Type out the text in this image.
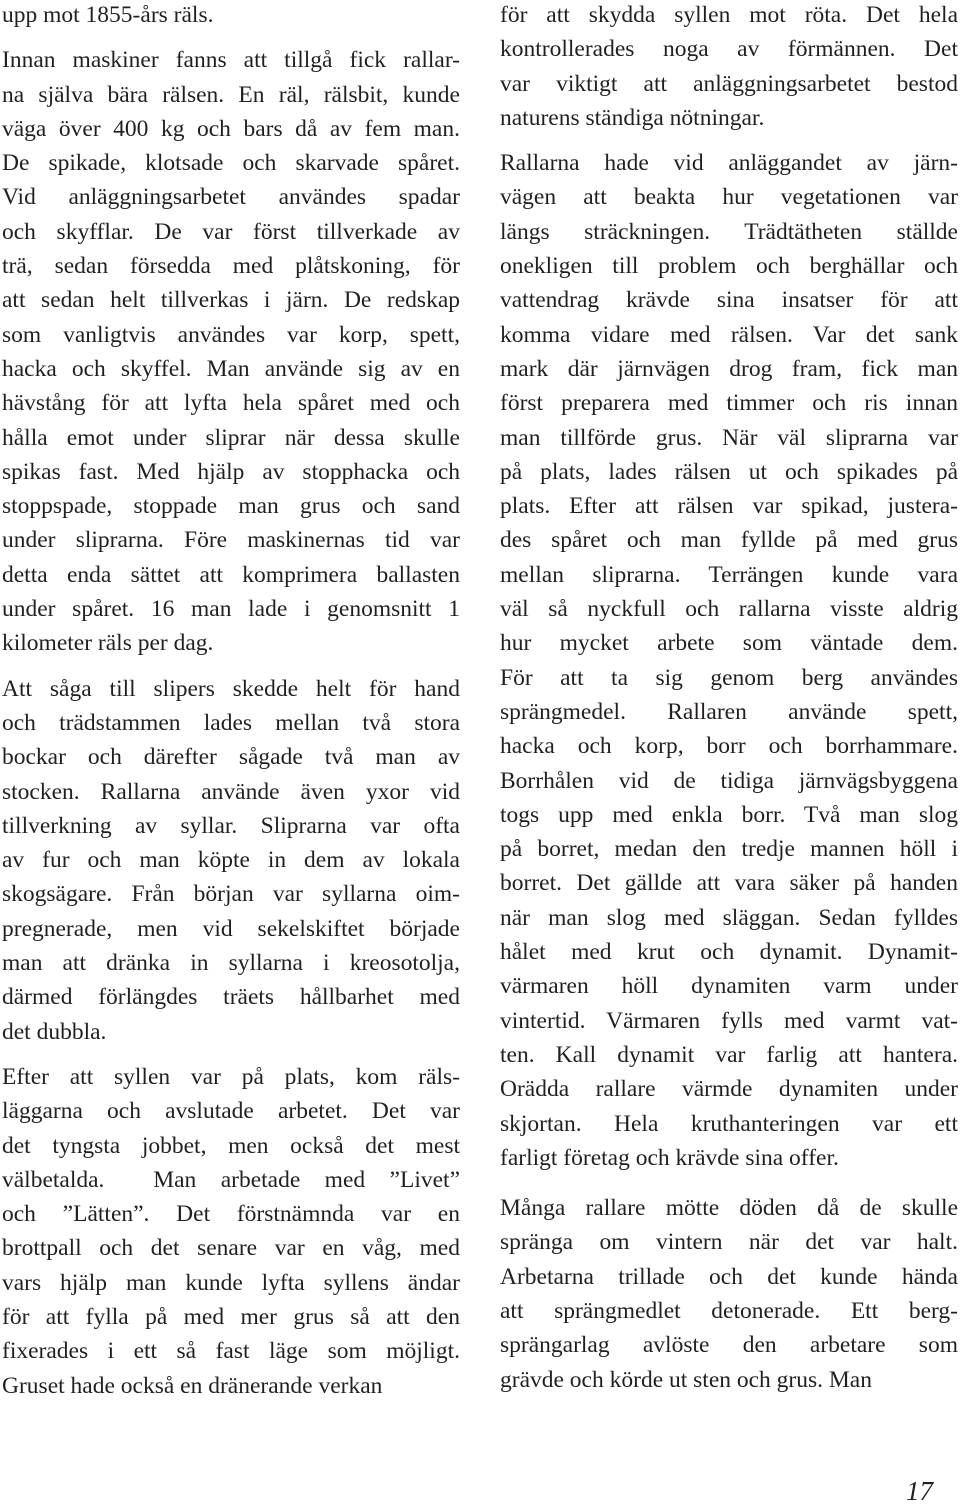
upp mot 1855-års räls.
Innan maskiner fanns att tillgå fick rallar-
na själva bära rälsen. En räl, rälsbit, kunde
väga över 400 kg och bars då av fem man.
De spikade, klotsade och skarvade spåret.
Vid anläggningsarbetet användes spadar
och skyfflar. De var först tillverkade av
trä, sedan försedda med plåtskoning, för
att sedan helt tillverkas i järn. De redskap
som vanligtvis användes var korp, spett,
hacka och skyffel. Man använde sig av en
hävstång för att lyfta hela spåret med och
hålla emot under sliprar när dessa skulle
spikas fast. Med hjälp av stopphacka och
stoppspade, stoppade man grus och sand
under sliprarna. Före maskinernas tid var
detta enda sättet att komprimera ballasten
under spåret. 16 man lade i genomsnitt 1
kilometer räls per dag.
Att såga till slipers skedde helt för hand
och trädstammen lades mellan två stora
bockar och därefter sågade två man av
stocken. Rallarna använde även yxor vid
tillverkning av syllar. Sliprarna var ofta
av fur och man köpte in dem av lokala
skogsägare. Från början var syllarna oim-
pregnerade, men vid sekelskiftet började
man att dränka in syllarna i kreosotolja,
därmed förlängdes träets hållbarhet med
det dubbla.
Efter att syllen var på plats, kom räls-
läggarna och avslutade arbetet. Det var
det tyngsta jobbet, men också det mest
välbetalda.  Man arbetade med ”Livet”
och ”Lätten”. Det förstnämnda var en
brottpall och det senare var en våg, med
vars hjälp man kunde lyfta syllens ändar
för att fylla på med mer grus så att den
fixerades i ett så fast läge som möjligt.
Gruset hade också en dränerande verkan
för att skydda syllen mot röta. Det hela
kontrollerades noga av förmännen. Det
var viktigt att anläggningsarbetet bestod
naturens ständiga nötningar.
Rallarna hade vid anläggandet av järn-
vägen att beakta hur vegetationen var
längs sträckningen. Trädtätheten ställde
onekligen till problem och berghällar och
vattendrag krävde sina insatser för att
komma vidare med rälsen. Var det sank
mark där järnvägen drog fram, fick man
först preparera med timmer och ris innan
man tillförde grus. När väl sliprarna var
på plats, lades rälsen ut och spikades på
plats. Efter att rälsen var spikad, justera-
des spåret och man fyllde på med grus
mellan sliprarna. Terrängen kunde vara
väl så nyckfull och rallarna visste aldrig
hur mycket arbete som väntade dem.
För att ta sig genom berg användes
sprängmedel. Rallaren använde spett,
hacka och korp, borr och borrhammare.
Borrhålen vid de tidiga järnvägsbyggena
togs upp med enkla borr. Två man slog
på borret, medan den tredje mannen höll i
borret. Det gällde att vara säker på handen
när man slog med släggan. Sedan fylldes
hålet med krut och dynamit. Dynamit-
värmaren höll dynamiten varm under
vintertid. Värmaren fylls med varmt vat-
ten. Kall dynamit var farlig att hantera.
Orädda rallare värmde dynamiten under
skjortan. Hela kruthanteringen var ett
farligt företag och krävde sina offer.
Många rallare mötte döden då de skulle
spränga om vintern när det var halt.
Arbetarna trillade och det kunde hända
att sprängmedlet detonerade. Ett berg-
sprängarlag avlöste den arbetare som
grävde och körde ut sten och grus. Man
17
